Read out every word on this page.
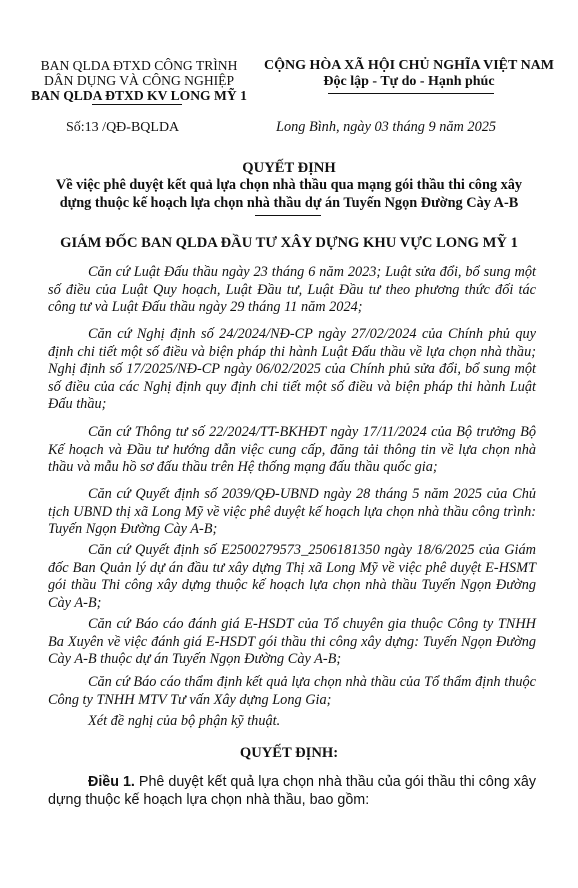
BAN QLDA ĐTXD CÔNG TRÌNH
DÂN DỤNG VÀ CÔNG NGHIỆP
BAN QLDA ĐTXD KV LONG MỸ 1
CỘNG HÒA XÃ HỘI CHỦ NGHĨA VIỆT NAM
Độc lập - Tự do - Hạnh phúc
Số:13 /QĐ-BQLDA	Long Bình, ngày 03 tháng 9 năm 2025
QUYẾT ĐỊNH
Về việc phê duyệt kết quả lựa chọn nhà thầu qua mạng gói thầu thi công xây
dựng thuộc kế hoạch lựa chọn nhà thầu dự án Tuyến Ngọn Đường Cày A-B
GIÁM ĐỐC BAN QLDA ĐẦU TƯ XÂY DỰNG KHU VỰC LONG MỸ 1
Căn cứ Luật Đấu thầu ngày 23 tháng 6 năm 2023; Luật sửa đổi, bổ sung một số điều của Luật Quy hoạch, Luật Đầu tư, Luật Đầu tư theo phương thức đối tác công tư và Luật Đấu thầu ngày 29 tháng 11 năm 2024;
Căn cứ Nghị định số 24/2024/NĐ-CP ngày 27/02/2024 của Chính phủ quy định chi tiết một số điều và biện pháp thi hành Luật Đấu thầu về lựa chọn nhà thầu; Nghị định số 17/2025/NĐ-CP ngày 06/02/2025 của Chính phủ sửa đổi, bổ sung một số điều của các Nghị định quy định chi tiết một số điều và biện pháp thi hành Luật Đấu thầu;
Căn cứ Thông tư số 22/2024/TT-BKHĐT ngày 17/11/2024 của Bộ trưởng Bộ Kế hoạch và Đầu tư hướng dẫn việc cung cấp, đăng tải thông tin về lựa chọn nhà thầu và mẫu hồ sơ đấu thầu trên Hệ thống mạng đấu thầu quốc gia;
Căn cứ Quyết định số 2039/QĐ-UBND ngày 28 tháng 5 năm 2025 của Chủ tịch UBND thị xã Long Mỹ về việc phê duyệt kế hoạch lựa chọn nhà thầu công trình: Tuyến Ngọn Đường Cày A-B;
Căn cứ Quyết định số E2500279573_2506181350 ngày 18/6/2025 của Giám đốc Ban Quản lý dự án đầu tư xây dựng Thị xã Long Mỹ về việc phê duyệt E-HSMT gói thầu Thi công xây dựng thuộc kế hoạch lựa chọn nhà thầu Tuyến Ngọn Đường Cày A-B;
Căn cứ Báo cáo đánh giá E-HSDT của Tổ chuyên gia thuộc Công ty TNHH Ba Xuyên về việc đánh giá E-HSDT gói thầu thi công xây dựng: Tuyến Ngọn Đường Cày A-B thuộc dự án Tuyến Ngọn Đường Cày A-B;
Căn cứ Báo cáo thẩm định kết quả lựa chọn nhà thầu của Tổ thẩm định thuộc Công ty TNHH MTV Tư vấn Xây dựng Long Gia;
Xét đề nghị của bộ phận kỹ thuật.
QUYẾT ĐỊNH:
Điều 1. Phê duyệt kết quả lựa chọn nhà thầu của gói thầu thi công xây dựng thuộc kế hoạch lựa chọn nhà thầu, bao gồm:
